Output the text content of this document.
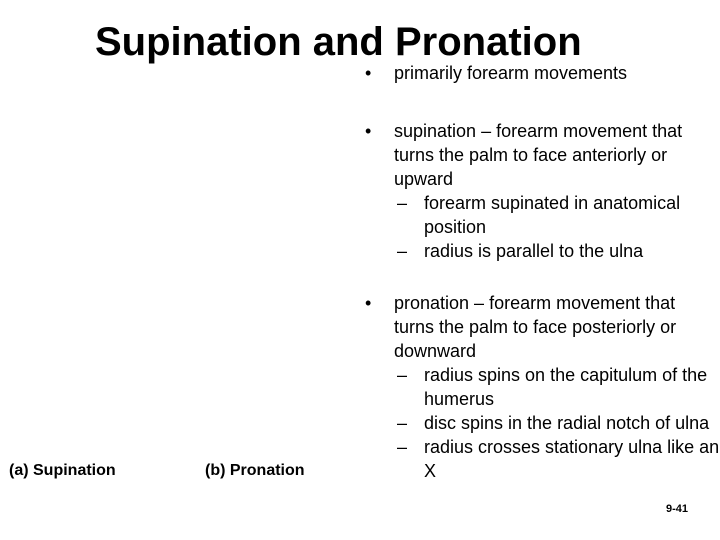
Supination and Pronation
• primarily forearm movements
• supination – forearm movement that turns the palm to face anteriorly or upward
– forearm supinated in anatomical position
– radius is parallel to the ulna
• pronation – forearm movement that turns the palm to face posteriorly or downward
– radius spins on the capitulum of the humerus
– disc spins in the radial notch of ulna
– radius crosses stationary ulna like an X
(a) Supination	(b) Pronation
9-41
